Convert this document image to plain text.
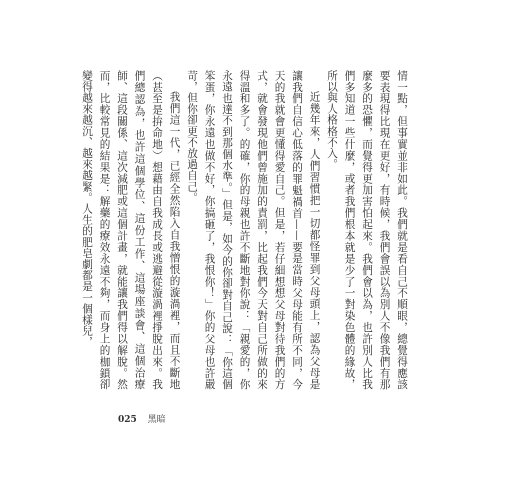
情一點，但事實並非如此。我們就是看自己不順眼，總覺得應該要表現得比現在更好，有時候，我們會誤以為別人不像我們有那麼多的恐懼，而覺得更加害怕起來。我們會以為，也許別人比我們多知道一些什麼，或者我們根本就是少了一對染色體的緣故，所以與人格格不入。

近幾年來，人們習慣把一切都怪罪到父母頭上，認為父母是讓我們自信心低落的罪魁禍首——要是當時父母能有所不同，今天的我就會更懂得愛自己。但是，若仔細想想父母對待我們的方式，就會發現他們曾施加的責罰，比起我們今天對自己所做的來得溫和多了。的確，你的母親也許不斷地對你說：「親愛的，你永遠也達不到那個水準。」但是，如今的你卻對自己說：「你這個笨蛋，你永遠也做不好，你搞砸了，我恨你！」你的父母也許嚴苛，但你卻更不放過自己。

我們這一代，已經全然陷入自我憎恨的漩渦裡，而且不斷地（甚至是拚命地）想藉由自我成長或逃避從漩渦裡掙脫出來。我們總認為，也許這個學位、這份工作、這場座談會、這個治療師、這段關係、這次減肥或這個計畫，就能讓我們得以解脫。然而，比較常見的結果是：解藥的療效永遠不夠，而身上的枷鎖卻變得越來越沉、越來越緊。人生的肥皂劇都是一個樣兒，

025 黑暗
